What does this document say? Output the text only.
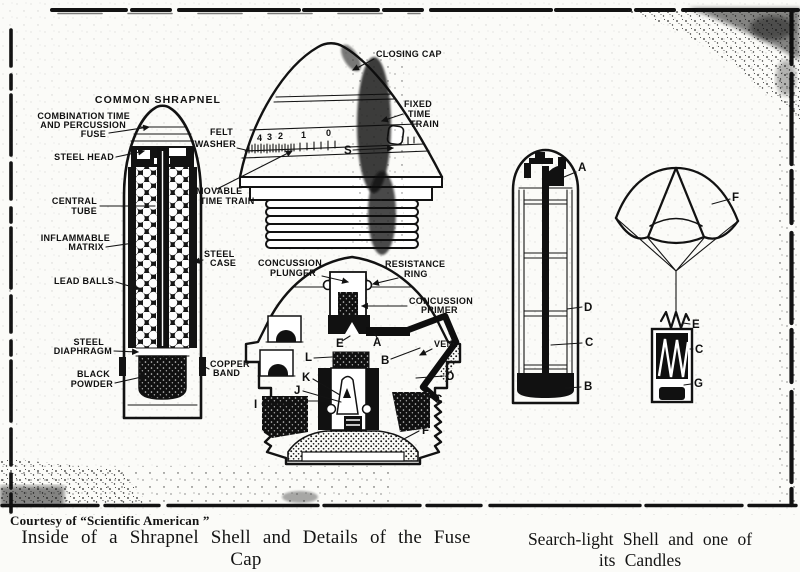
COMMON SHRAPNEL
COMBINATION TIME
AND PERCUSSION
FUSE
STEEL HEAD
CENTRAL
TUBE
INFLAMMABLE
MATRIX
LEAD BALLS
STEEL
DIAPHRAGM
BLACK
POWDER
STEEL
CASE
COPPER
BAND
4 3 2 1 0
CLOSING CAP
FIXED
TIME
TRAIN
FELT
WASHER
MOVABLE
TIME TRAIN
S
CONCUSSION
PLUNGER
RESISTANCE
RING
CONCUSSION
PRIMER
VENT
E	A
B
L
K
J
I
D
C
F
A
D
C
B
F
E
C
G
Courtesy of “Scientific American ”
Inside of a Shrapnel Shell and Details of the Fuse Cap
Search-light Shell and one of
its Candles
